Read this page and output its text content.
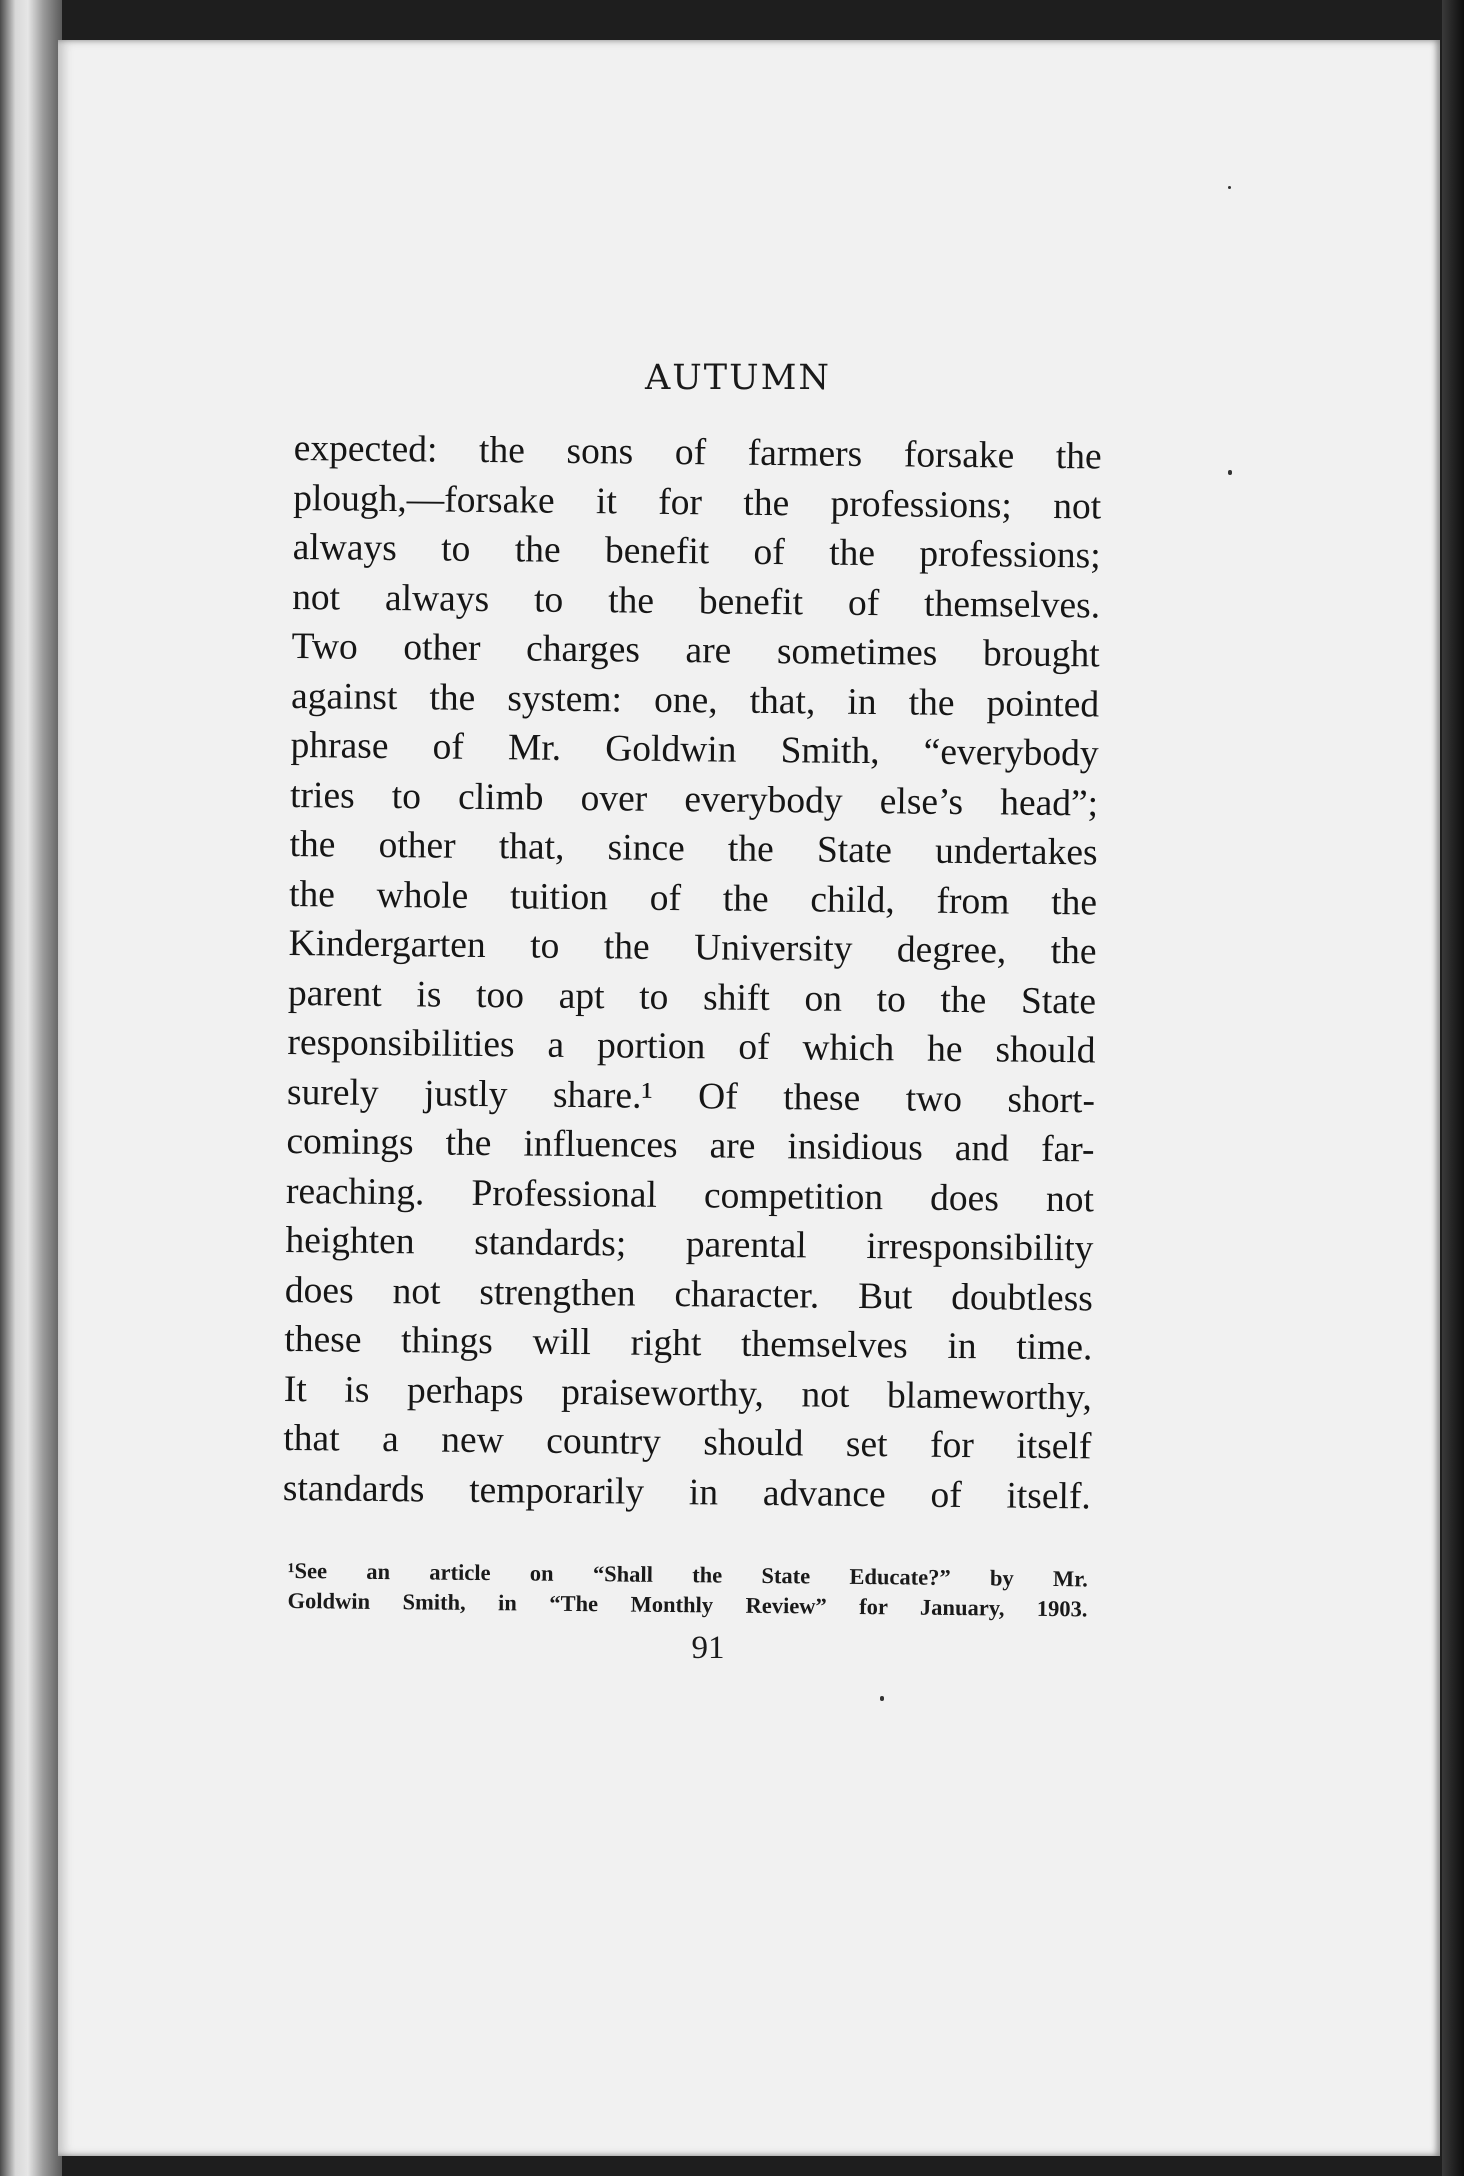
AUTUMN
expected: the sons of farmers forsake the
plough,—forsake it for the professions; not
always to the benefit of the professions;
not always to the benefit of themselves.
Two other charges are sometimes brought
against the system: one, that, in the pointed
phrase of Mr. Goldwin Smith, “everybody
tries to climb over everybody else’s head”;
the other that, since the State undertakes
the whole tuition of the child, from the
Kindergarten to the University degree, the
parent is too apt to shift on to the State
responsibilities a portion of which he should
surely justly share.¹ Of these two short-
comings the influences are insidious and far-
reaching. Professional competition does not
heighten standards; parental irresponsibility
does not strengthen character. But doubtless
these things will right themselves in time.
It is perhaps praiseworthy, not blameworthy,
that a new country should set for itself
standards temporarily in advance of itself.
¹See an article on “Shall the State Educate?” by Mr.
Goldwin Smith, in “The Monthly Review” for January, 1903.
91
